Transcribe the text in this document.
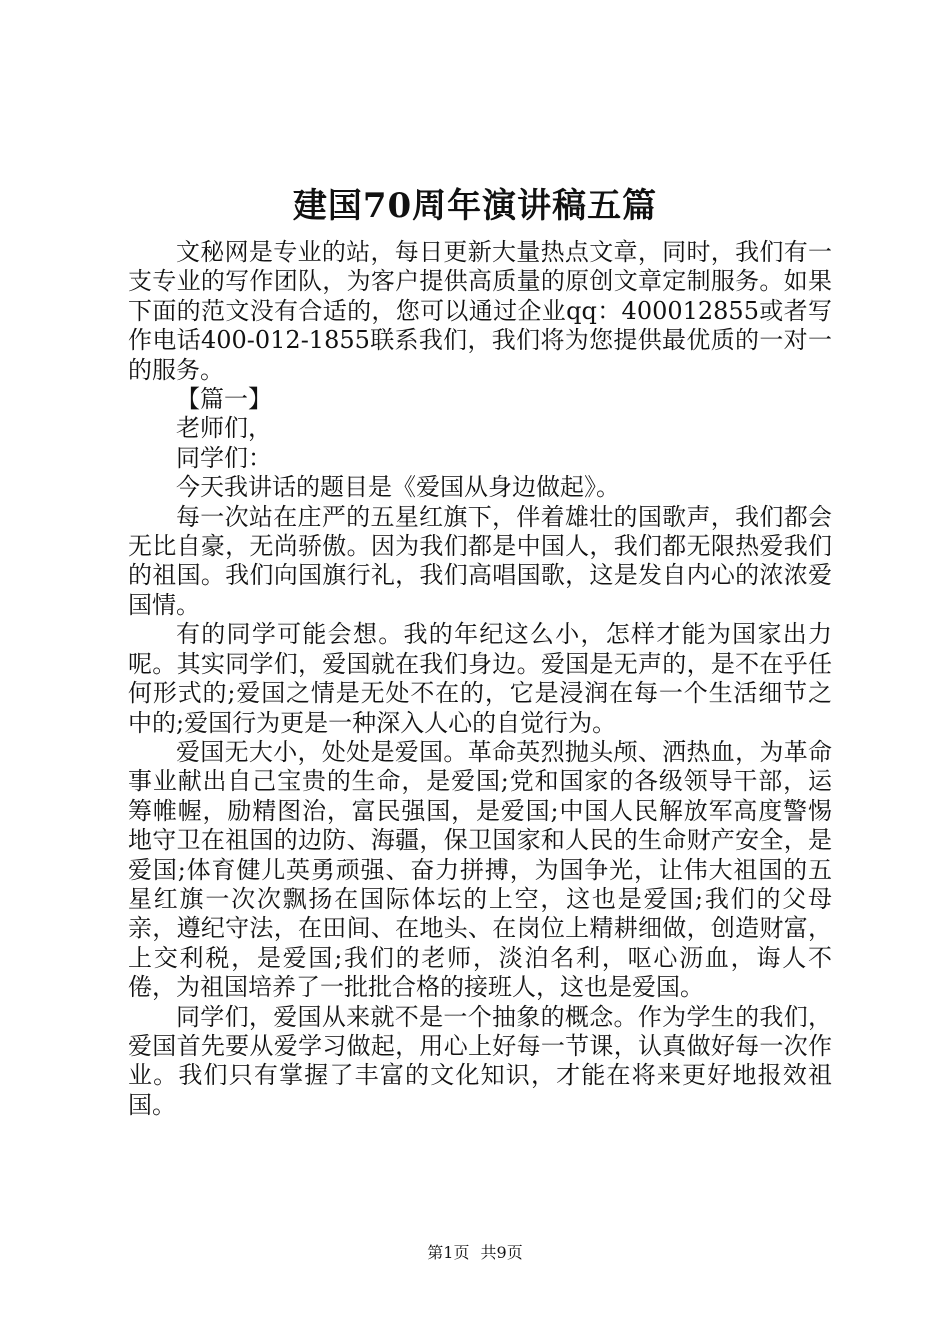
建国70周年演讲稿五篇

文秘网是专业的站，每日更新大量热点文章，同时，我们有一支专业的写作团队，为客户提供高质量的原创文章定制服务。如果下面的范文没有合适的，您可以通过企业qq：400012855或者写作电话400-012-1855联系我们，我们将为您提供最优质的一对一的服务。

【篇一】

老师们，

同学们：

今天我讲话的题目是《爱国从身边做起》。

每一次站在庄严的五星红旗下，伴着雄壮的国歌声，我们都会无比自豪，无尚骄傲。因为我们都是中国人，我们都无限热爱我们的祖国。我们向国旗行礼，我们高唱国歌，这是发自内心的浓浓爱国情。

有的同学可能会想。我的年纪这么小，怎样才能为国家出力呢。其实同学们，爱国就在我们身边。爱国是无声的，是不在乎任何形式的;爱国之情是无处不在的，它是浸润在每一个生活细节之中的;爱国行为更是一种深入人心的自觉行为。

爱国无大小，处处是爱国。革命英烈抛头颅、洒热血，为革命事业献出自己宝贵的生命，是爱国;党和国家的各级领导干部，运筹帷幄，励精图治，富民强国，是爱国;中国人民解放军高度警惕地守卫在祖国的边防、海疆，保卫国家和人民的生命财产安全，是爱国;体育健儿英勇顽强、奋力拼搏，为国争光，让伟大祖国的五星红旗一次次飘扬在国际体坛的上空，这也是爱国;我们的父母亲，遵纪守法，在田间、在地头、在岗位上精耕细做，创造财富，上交利税，是爱国;我们的老师，淡泊名利，呕心沥血，诲人不倦，为祖国培养了一批批合格的接班人，这也是爱国。

同学们，爱国从来就不是一个抽象的概念。作为学生的我们，爱国首先要从爱学习做起，用心上好每一节课，认真做好每一次作业。我们只有掌握了丰富的文化知识，才能在将来更好地报效祖国。

第1页 共9页
